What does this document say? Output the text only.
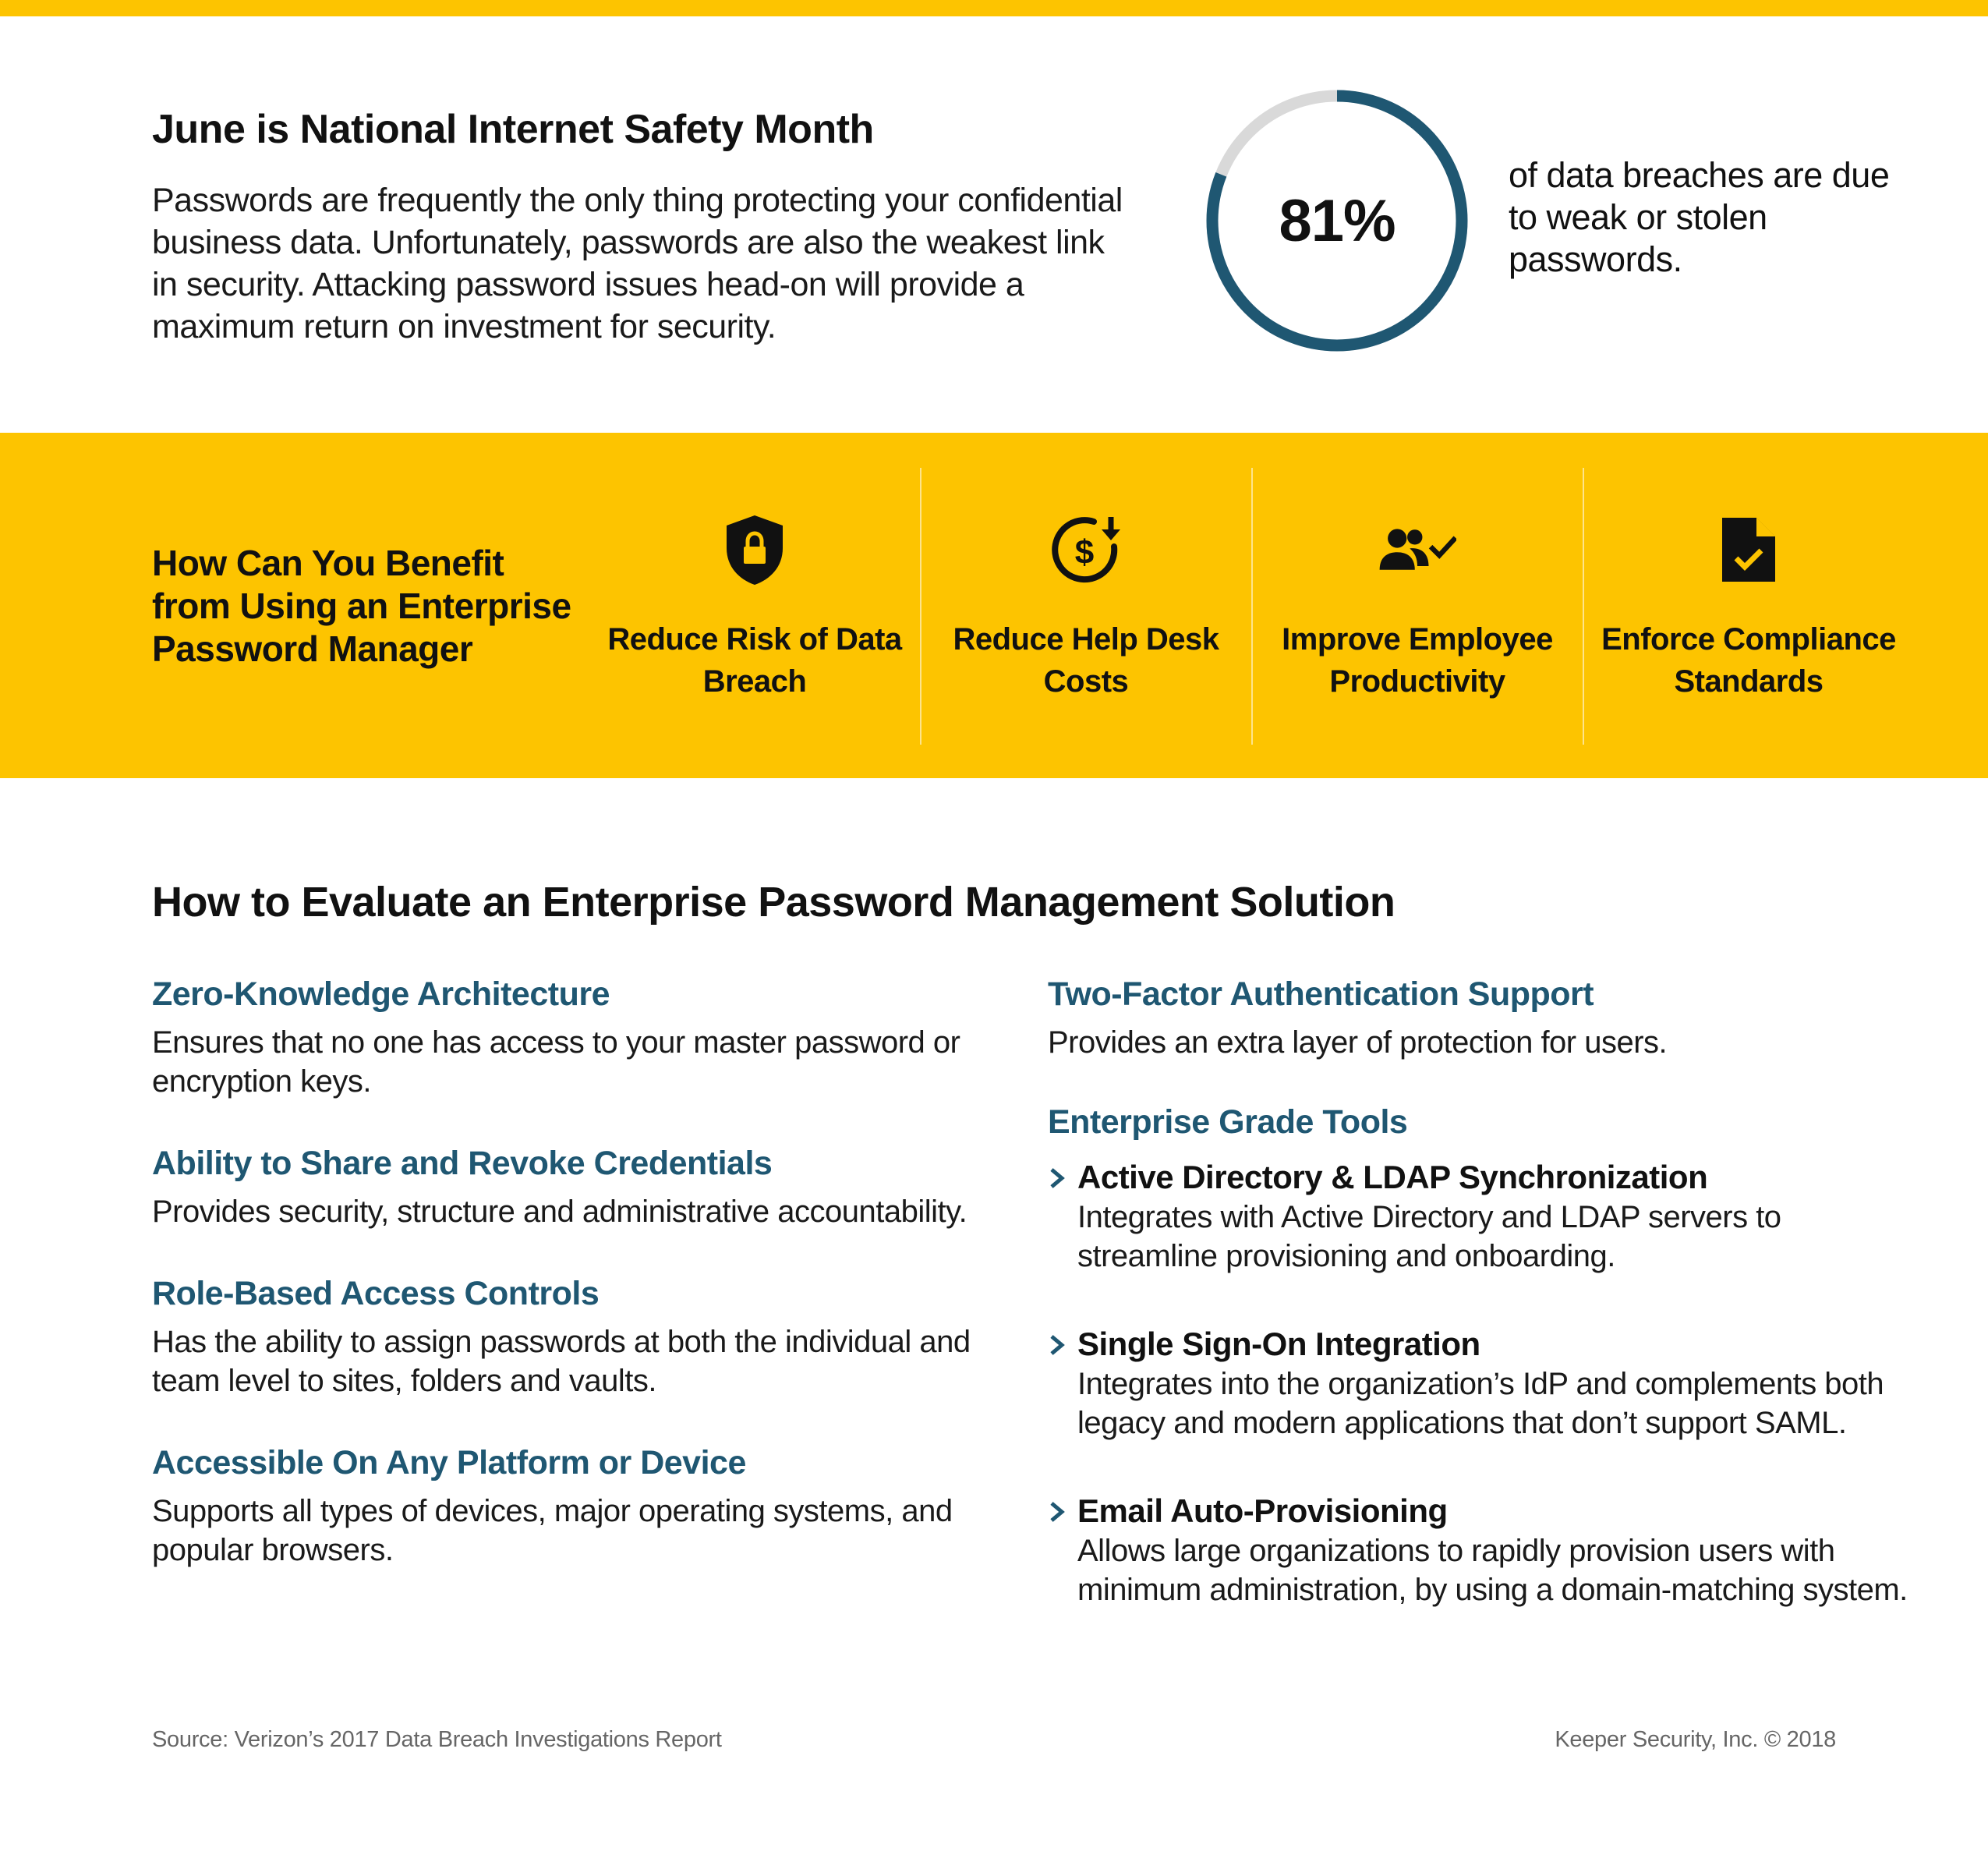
June is National Internet Safety Month

Passwords are frequently the only thing protecting your confidential business data. Unfortunately, passwords are also the weakest link in security. Attacking password issues head-on will provide a maximum return on investment for security.

81%

of data breaches are due to weak or stolen passwords.

How Can You Benefit from Using an Enterprise Password Manager	Reduce Risk of Data Breach
$
Reduce Help Desk Costs
Improve Employee Productivity
Enforce Compliance Standards
How to Evaluate an Enterprise Password Management Solution
Zero-Knowledge Architecture
Ensures that no one has access to your master password or encryption keys.
Ability to Share and Revoke Credentials
Provides security, structure and administrative accountability.
Role-Based Access Controls
Has the ability to assign passwords at both the individual and team level to sites, folders and vaults.
Accessible On Any Platform or Device
Supports all types of devices, major operating systems, and popular browsers.
Two-Factor Authentication Support
Provides an extra layer of protection for users.
Enterprise Grade Tools
Active Directory & LDAP Synchronization
Integrates with Active Directory and LDAP servers to streamline provisioning and onboarding.
Single Sign-On Integration
Integrates into the organization’s IdP and complements both legacy and modern applications that don’t support SAML.
Email Auto-Provisioning
Allows large organizations to rapidly provision users with minimum administration, by using a domain-matching system.
Source: Verizon’s 2017 Data Breach Investigations Report	Keeper Security, Inc. © 2018
